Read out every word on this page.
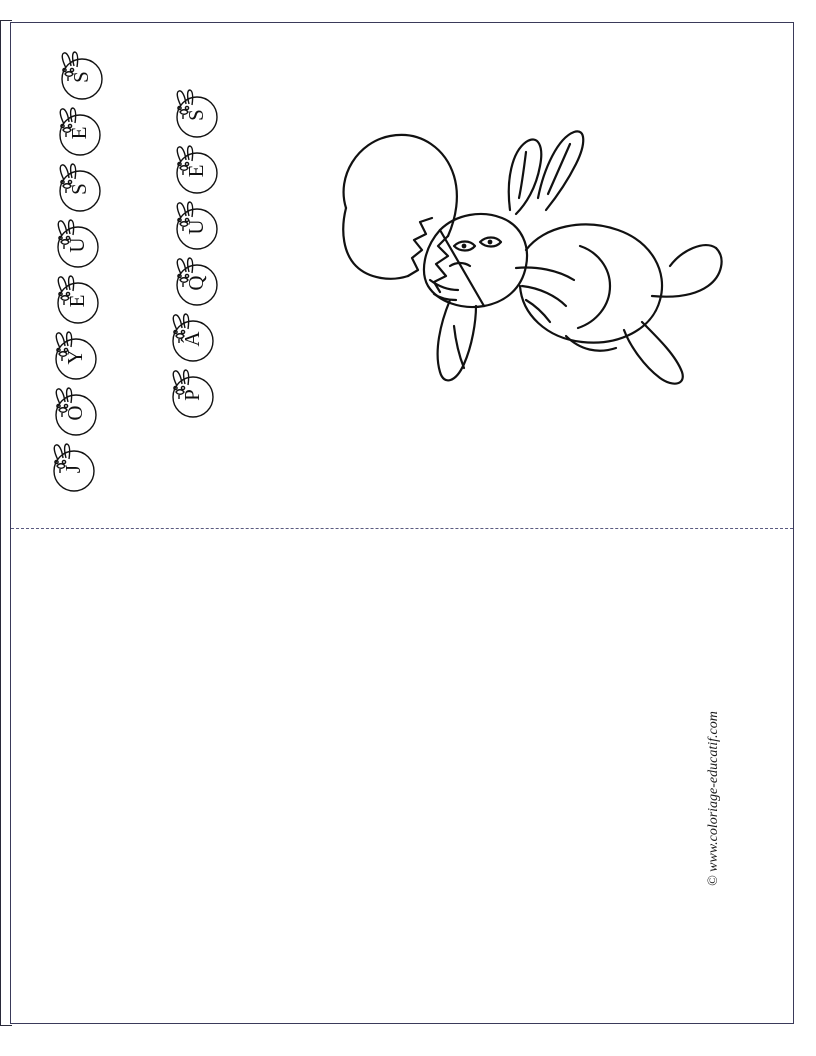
S
E
S
U
E
Y
O
J
S
E
U
Q
Â
P
© www.coloriage-educatif.com
